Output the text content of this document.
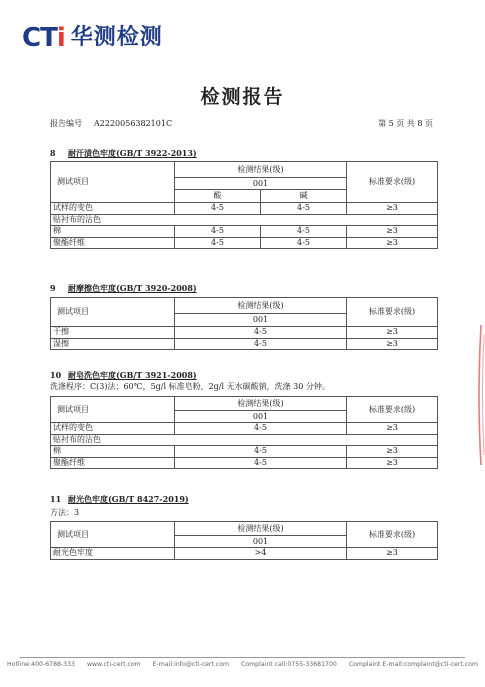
CTi 华测检测
检测报告
报告编号 A2220056382101C	第 5 页 共 8 页
8 耐汗渍色牢度(GB/T 3922-2013)
测试项目	检测结果(级)		标准要求(级)
	001		
	酸	碱	
试样的变色	4-5	4-5	≥3
贴衬布的沾色			
棉	4-5	4-5	≥3
聚酯纤维	4-5	4-5	≥3
9 耐摩擦色牢度(GB/T 3920-2008)
测试项目	检测结果(级)	标准要求(级)
	001	
干擦	4-5	≥3
湿擦	4-5	≥3
10 耐皂洗色牢度(GB/T 3921-2008)
洗涤程序：C(3)法；60℃，5g/l 标准皂粉，2g/l 无水碳酸钠，洗涤 30 分钟。
测试项目	检测结果(级)	标准要求(级)
	001	
试样的变色	4-5	≥3
贴衬布的沾色		
棉	4-5	≥3
聚酯纤维	4-5	≥3
11 耐光色牢度(GB/T 8427-2019)
方法：3
测试项目	检测结果(级)	标准要求(级)
	001	
耐光色牢度	>4	≥3
Hotline:400-6788-333 www.cti-cert.com E-mail:info@cti-cert.com Complaint call:0755-33681700 Complaint E-mail:complaint@cti-cert.com
